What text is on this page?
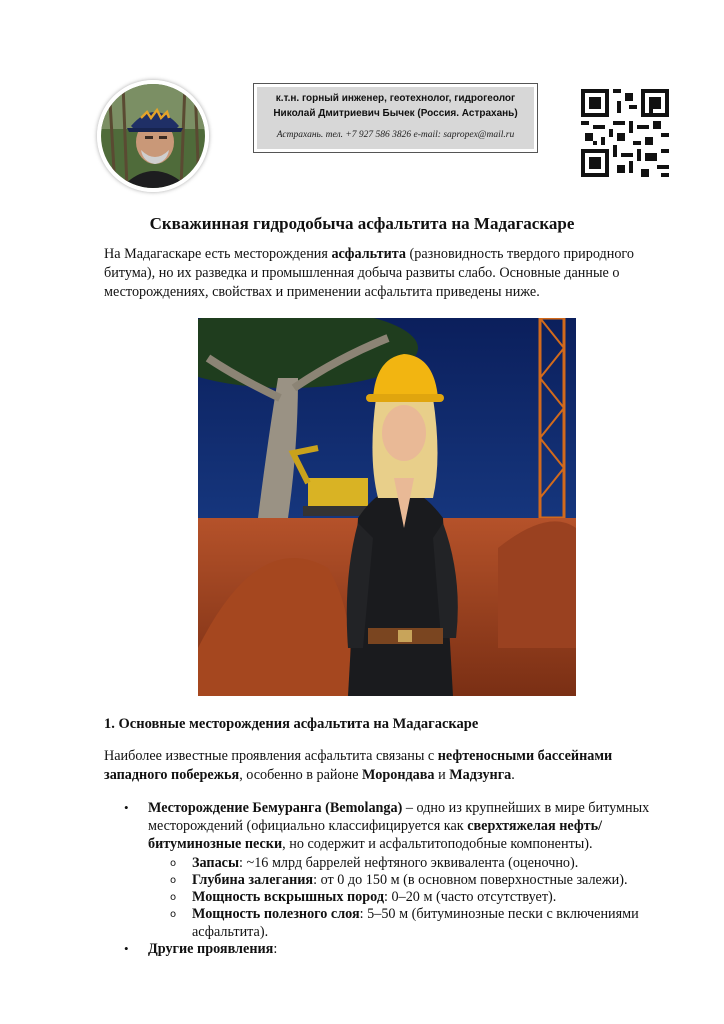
к.т.н. горный инженер, геотехнолог, гидрогеолог
Николай Дмитриевич Бычек (Россия. Астрахань)
Астрахань. тел. +7 927 586 3826 e-mail: sapropex@mail.ru
Скважинная гидродобыча асфальтита на Мадагаскаре
На Мадагаскаре есть месторождения асфальтита (разновидность твердого природного битума), но их разведка и промышленная добыча развиты слабо. Основные данные о месторождениях, свойствах и применении асфальтита приведены ниже.
1. Основные месторождения асфальтита на Мадагаскаре
Наиболее известные проявления асфальтита связаны с нефтеносными бассейнами западного побережья, особенно в районе Морондава и Мадзунга.
• Месторождение Бемуранга (Bemolanga) – одно из крупнейших в мире битумных месторождений (официально классифицируется как сверхтяжелая нефть/битуминозные пески, но содержит и асфальтитоподобные компоненты).
o Запасы: ~16 млрд баррелей нефтяного эквивалента (оценочно).
o Глубина залегания: от 0 до 150 м (в основном поверхностные залежи).
o Мощность вскрышных пород: 0–20 м (часто отсутствует).
o Мощность полезного слоя: 5–50 м (битуминозные пески с включениями асфальтита).
• Другие проявления:
